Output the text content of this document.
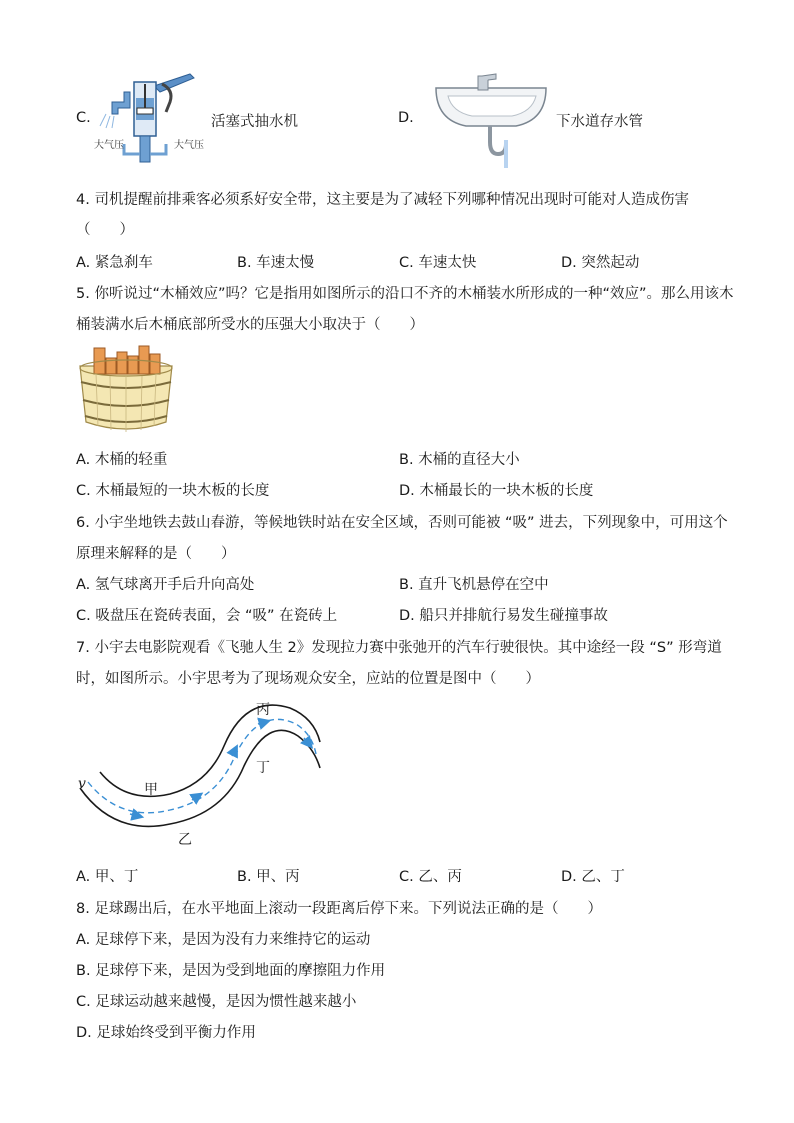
C.
大气压	大气压
活塞式抽水机	D.	下水道存水管
4. 司机提醒前排乘客必须系好安全带，这主要是为了减轻下列哪种情况出现时可能对人造成伤害
（　　）
A. 紧急刹车	B. 车速太慢	C. 车速太快	D. 突然起动
5. 你听说过“木桶效应”吗？它是指用如图所示的沿口不齐的木桶装水所形成的一种“效应”。那么用该木
桶装满水后木桶底部所受水的压强大小取决于（　　）
A. 木桶的轻重	B. 木桶的直径大小
C. 木桶最短的一块木板的长度	D. 木桶最长的一块木板的长度
6. 小宇坐地铁去鼓山春游，等候地铁时站在安全区域，否则可能被 “吸” 进去，下列现象中，可用这个
原理来解释的是（　　）
A. 氢气球离开手后升向高处	B. 直升飞机悬停在空中
C. 吸盘压在瓷砖表面，会 “吸” 在瓷砖上	D. 船只并排航行易发生碰撞事故
7. 小宇去电影院观看《飞驰人生 2》发现拉力赛中张弛开的汽车行驶很快。其中途经一段 “S” 形弯道
时，如图所示。小宇思考为了现场观众安全，应站的位置是图中（　　）
v	甲
乙
丙
丁
A. 甲、丁	B. 甲、丙	C. 乙、丙	D. 乙、丁
8. 足球踢出后，在水平地面上滚动一段距离后停下来。下列说法正确的是（　　）
A. 足球停下来，是因为没有力来维持它的运动
B. 足球停下来，是因为受到地面的摩擦阻力作用
C. 足球运动越来越慢，是因为惯性越来越小
D. 足球始终受到平衡力作用
